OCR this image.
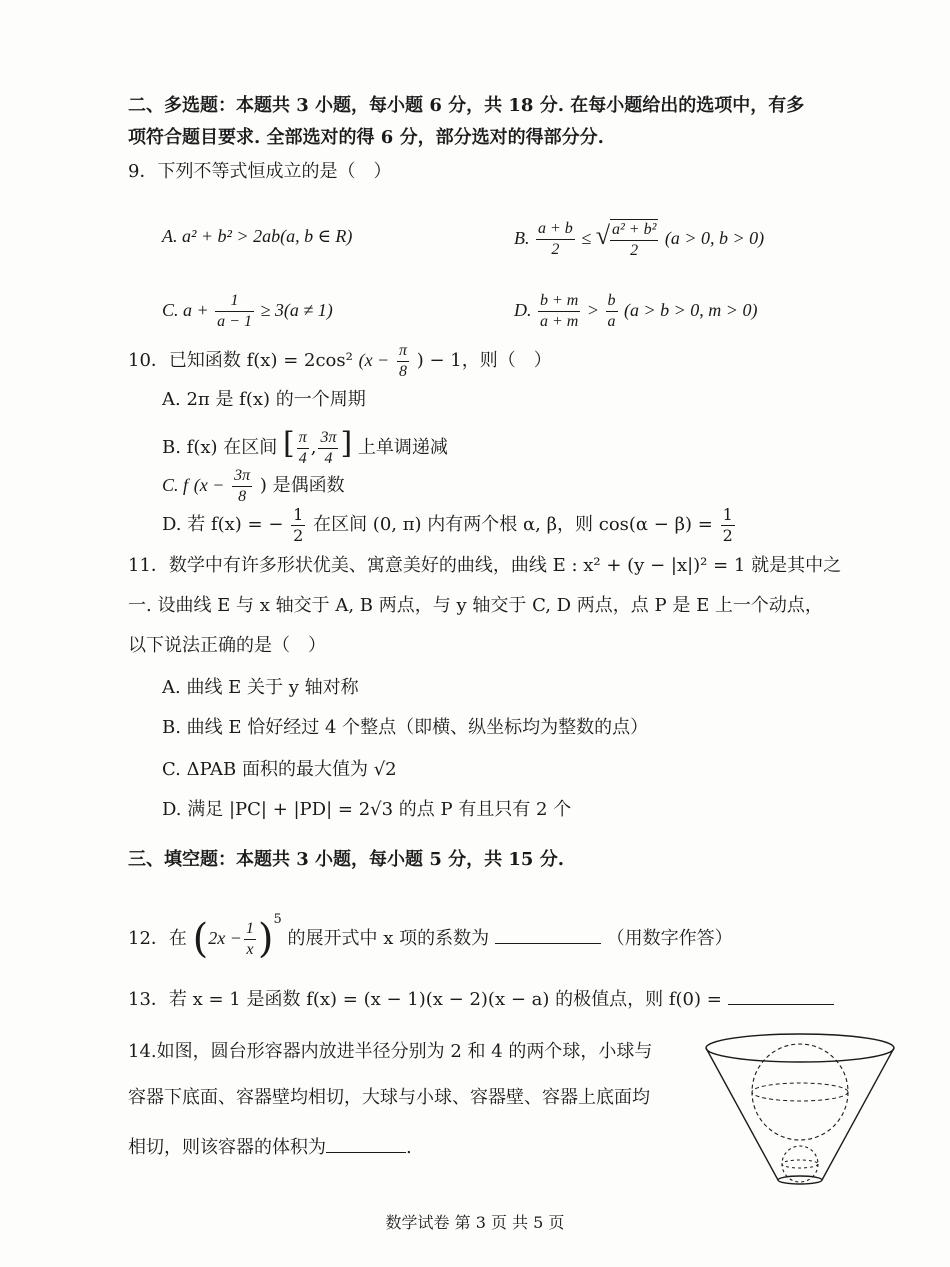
二、多选题：本题共 3 小题，每小题 6 分，共 18 分. 在每小题给出的选项中，有多
项符合题目要求. 全部选对的得 6 分，部分选对的得部分分.
9．下列不等式恒成立的是（　）
A. a² + b² > 2ab(a, b ∈ R)	B. $\frac{a + b}{2}$ ≤ √ $\frac{\text{a² + b²}}{2} (a > 0$, b > 0)
C. $a + \frac{1}{a - 1} \ge 3(a \ne 1)$	D. $\frac{b + m}{a + m} > \frac{b}{a} (a > b > 0$, m > 0)
10．已知函数 f(x) = 2cos² ($x - \frac{\pi}{8}$ ) − 1，则（　）
A. 2π 是 f(x) 的一个周期
B. f(x) 在区间 [ $\frac{\pi}{4}$ , $\frac{3\pi}{4}$ ] 上单调递减
C. f ($x - \frac{3\pi}{8}$ ) 是偶函数
D. 若 f(x) = − $\frac{1}{2}$ 在区间 (0, π) 内有两个根 α, β，则 $\cos(\alpha - \beta) = \frac{1}{2}$
11．数学中有许多形状优美、寓意美好的曲线，曲线 E : x² + (y − |x|)² = 1 就是其中之
一. 设曲线 E 与 x 轴交于 A, B 两点，与 y 轴交于 C, D 两点，点 P 是 E 上一个动点，
以下说法正确的是（　）
A. 曲线 E 关于 y 轴对称
B. 曲线 E 恰好经过 4 个整点（即横、纵坐标均为整数的点）
C. ΔPAB 面积的最大值为 √2
D. 满足 |PC| + |PD| = 2√3 的点 P 有且只有 2 个
三、填空题：本题共 3 小题，每小题 5 分，共 15 分.
12．在 $(2x - \frac{1}{x} )^5$ 的展开式中 x 项的系数为	（用数字作答）
13．若 x = 1 是函数 f(x) = (x − 1)(x − 2)(x − a) 的极值点，则 f(0) =
14.如图，圆台形容器内放进半径分别为 2 和 4 的两个球，小球与
容器下底面、容器壁均相切，大球与小球、容器壁、容器上底面均
相切，则该容器的体积为	.
数学试卷 第 3 页 共 5 页
